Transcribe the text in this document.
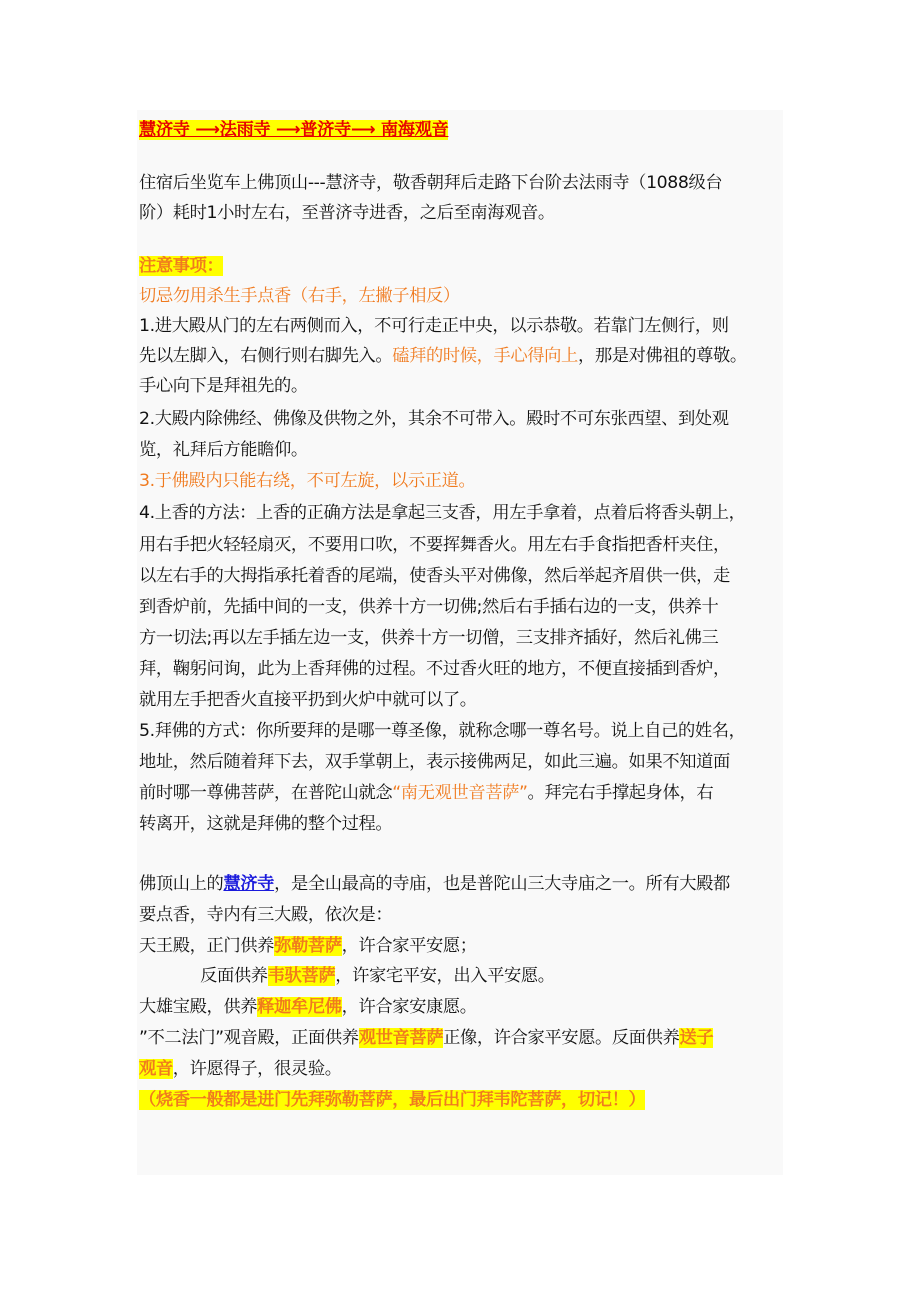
慧济寺 ⟶法雨寺 ⟶普济寺⟶ 南海观音
住宿后坐览车上佛顶山---慧济寺，敬香朝拜后走路下台阶去法雨寺（1088级台
阶）耗时1小时左右，至普济寺进香，之后至南海观音。
注意事项：
切忌勿用杀生手点香（右手，左撇子相反）
1.进大殿从门的左右两侧而入，不可行走正中央，以示恭敬。若靠门左侧行，则
先以左脚入，右侧行则右脚先入。磕拜的时候，手心得向上，那是对佛祖的尊敬。
手心向下是拜祖先的。
2.大殿内除佛经、佛像及供物之外，其余不可带入。殿时不可东张西望、到处观
览，礼拜后方能瞻仰。
3.于佛殿内只能右绕，不可左旋，以示正道。
4.上香的方法：上香的正确方法是拿起三支香，用左手拿着，点着后将香头朝上，
用右手把火轻轻扇灭，不要用口吹，不要挥舞香火。用左右手食指把香杆夹住，
以左右手的大拇指承托着香的尾端，使香头平对佛像，然后举起齐眉供一供，走
到香炉前，先插中间的一支，供养十方一切佛;然后右手插右边的一支，供养十
方一切法;再以左手插左边一支，供养十方一切僧，三支排齐插好，然后礼佛三
拜，鞠躬问询，此为上香拜佛的过程。不过香火旺的地方，不便直接插到香炉，
就用左手把香火直接平扔到火炉中就可以了。
5.拜佛的方式：你所要拜的是哪一尊圣像，就称念哪一尊名号。说上自己的姓名，
地址，然后随着拜下去，双手掌朝上，表示接佛两足，如此三遍。如果不知道面
前时哪一尊佛菩萨，在普陀山就念“南无观世音菩萨”。拜完右手撑起身体，右
转离开，这就是拜佛的整个过程。
佛顶山上的慧济寺，是全山最高的寺庙，也是普陀山三大寺庙之一。所有大殿都
要点香，寺内有三大殿，依次是：
天王殿，正门供养弥勒菩萨，许合家平安愿；
反面供养韦驮菩萨，许家宅平安，出入平安愿。
大雄宝殿，供养释迦牟尼佛，许合家安康愿。
”不二法门”观音殿，正面供养观世音菩萨正像，许合家平安愿。反面供养送子
观音，许愿得子，很灵验。
（烧香一般都是进门先拜弥勒菩萨，最后出门拜韦陀菩萨，切记！）
